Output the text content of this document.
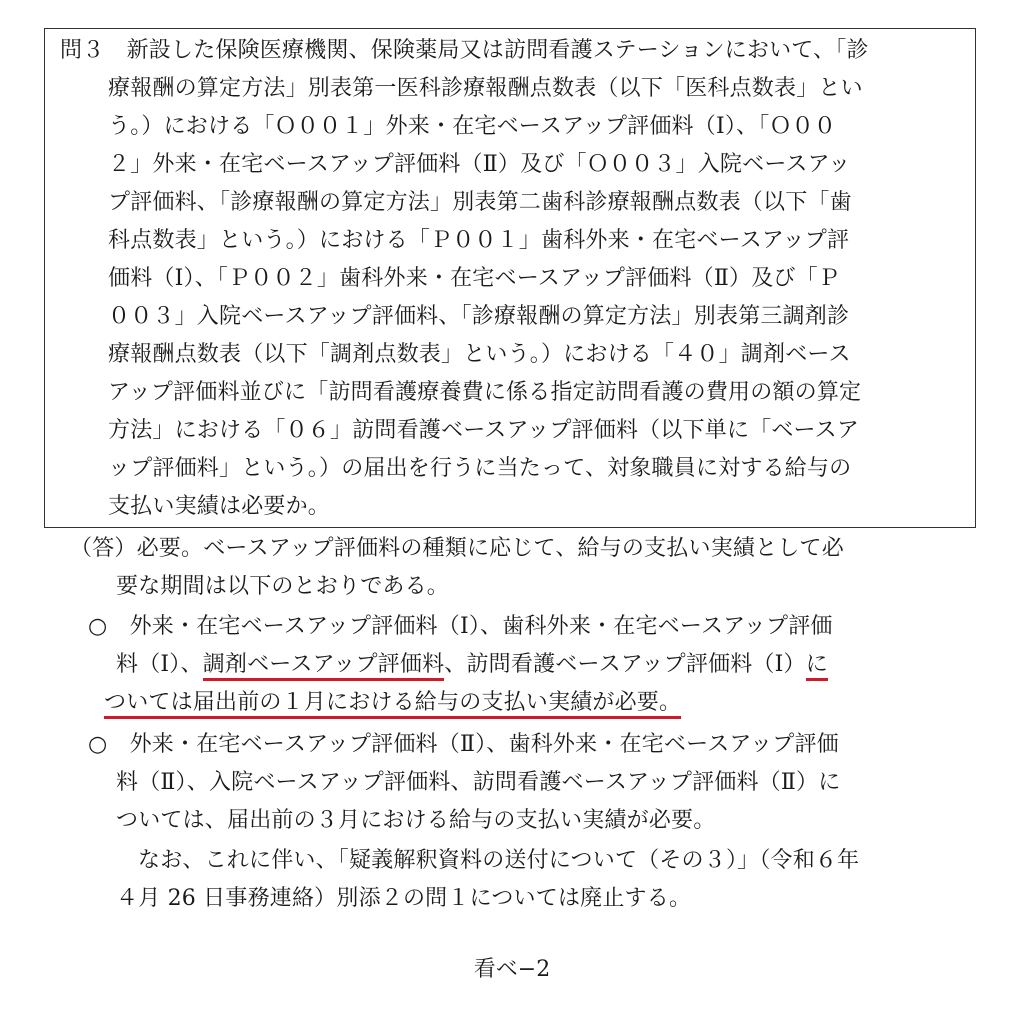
問３　新設した保険医療機関、保険薬局又は訪問看護ステーションにおいて、「診
療報酬の算定方法」別表第一医科診療報酬点数表（以下「医科点数表」とい
う。）における「Ｏ００１」外来・在宅ベースアップ評価料（Ⅰ）、「Ｏ００
２」外来・在宅ベースアップ評価料（Ⅱ）及び「Ｏ００３」入院ベースアッ
プ評価料、「診療報酬の算定方法」別表第二歯科診療報酬点数表（以下「歯
科点数表」という。）における「Ｐ００１」歯科外来・在宅ベースアップ評
価料（Ⅰ）、「Ｐ００２」歯科外来・在宅ベースアップ評価料（Ⅱ）及び「Ｐ
００３」入院ベースアップ評価料、「診療報酬の算定方法」別表第三調剤診
療報酬点数表（以下「調剤点数表」という。）における「４０」調剤ベース
アップ評価料並びに「訪問看護療養費に係る指定訪問看護の費用の額の算定
方法」における「０６」訪問看護ベースアップ評価料（以下単に「ベースア
ップ評価料」という。）の届出を行うに当たって、対象職員に対する給与の
支払い実績は必要か。
（答）必要。ベースアップ評価料の種類に応じて、給与の支払い実績として必
要な期間は以下のとおりである。
○　外来・在宅ベースアップ評価料（Ⅰ）、歯科外来・在宅ベースアップ評価
料（Ⅰ）、調剤ベースアップ評価料、訪問看護ベースアップ評価料（Ⅰ）に
ついては届出前の１月における給与の支払い実績が必要。
○　外来・在宅ベースアップ評価料（Ⅱ）、歯科外来・在宅ベースアップ評価
料（Ⅱ）、入院ベースアップ評価料、訪問看護ベースアップ評価料（Ⅱ）に
ついては、届出前の３月における給与の支払い実績が必要。
なお、これに伴い、「疑義解釈資料の送付について（その３）」（令和６年
４月 26 日事務連絡）別添２の問１については廃止する。
看ベ−2
